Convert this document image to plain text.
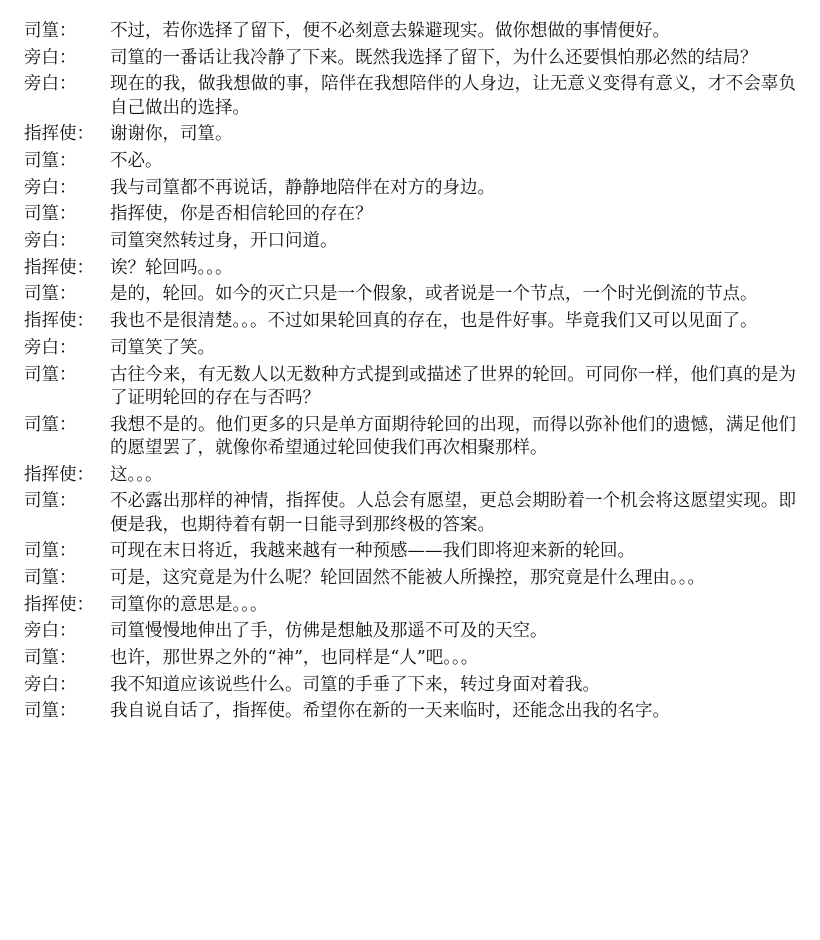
司篁：	不过，若你选择了留下，便不必刻意去躲避现实。做你想做的事情便好。
旁白：	司篁的一番话让我冷静了下来。既然我选择了留下，为什么还要惧怕那必然的结局？
旁白：	现在的我，做我想做的事，陪伴在我想陪伴的人身边，让无意义变得有意义，才不会辜负自己做出的选择。
指挥使： 谢谢你，司篁。
司篁：	不必。
旁白：	我与司篁都不再说话，静静地陪伴在对方的身边。
司篁：	指挥使，你是否相信轮回的存在？
旁白：	司篁突然转过身，开口问道。
指挥使： 诶？轮回吗。。。
司篁：	是的，轮回。如今的灭亡只是一个假象，或者说是一个节点，一个时光倒流的节点。
指挥使： 我也不是很清楚。。。不过如果轮回真的存在，也是件好事。毕竟我们又可以见面了。
旁白：	司篁笑了笑。
司篁：	古往今来，有无数人以无数种方式提到或描述了世界的轮回。可同你一样，他们真的是为了证明轮回的存在与否吗？
司篁：	我想不是的。他们更多的只是单方面期待轮回的出现，而得以弥补他们的遗憾，满足他们的愿望罢了，就像你希望通过轮回使我们再次相聚那样。
指挥使： 这。。。
司篁：	不必露出那样的神情，指挥使。人总会有愿望，更总会期盼着一个机会将这愿望实现。即便是我，也期待着有朝一日能寻到那终极的答案。
司篁：	可现在末日将近，我越来越有一种预感——我们即将迎来新的轮回。
司篁：	可是，这究竟是为什么呢？轮回固然不能被人所操控，那究竟是什么理由。。。
指挥使： 司篁你的意思是。。。
旁白：	司篁慢慢地伸出了手，仿佛是想触及那遥不可及的天空。
司篁：	也许，那世界之外的“神”，也同样是“人”吧。。。
旁白：	我不知道应该说些什么。司篁的手垂了下来，转过身面对着我。
司篁：	我自说自话了，指挥使。希望你在新的一天来临时，还能念出我的名字。
